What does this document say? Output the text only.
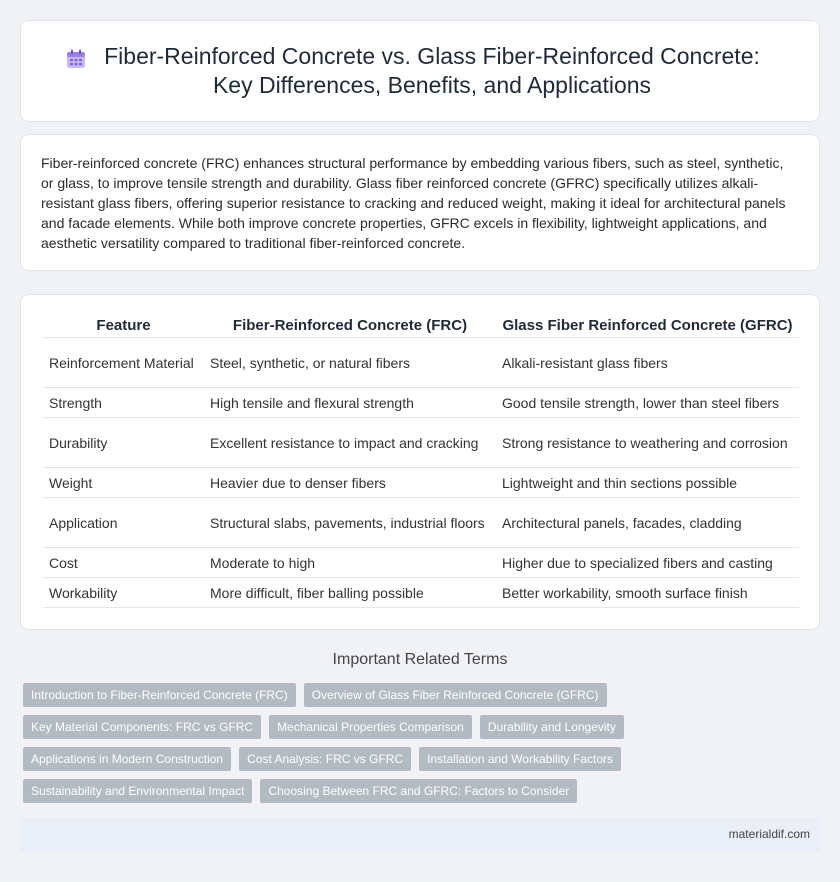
Fiber-Reinforced Concrete vs. Glass Fiber-Reinforced Concrete: Key Differences, Benefits, and Applications

Fiber-reinforced concrete (FRC) enhances structural performance by embedding various fibers, such as steel, synthetic, or glass, to improve tensile strength and durability. Glass fiber reinforced concrete (GFRC) specifically utilizes alkali-resistant glass fibers, offering superior resistance to cracking and reduced weight, making it ideal for architectural panels and facade elements. While both improve concrete properties, GFRC excels in flexibility, lightweight applications, and aesthetic versatility compared to traditional fiber-reinforced concrete.

Feature	Fiber-Reinforced Concrete (FRC)	Glass Fiber Reinforced Concrete (GFRC)
Reinforcement Material	Steel, synthetic, or natural fibers	Alkali-resistant glass fibers
Strength	High tensile and flexural strength	Good tensile strength, lower than steel fibers
Durability	Excellent resistance to impact and cracking	Strong resistance to weathering and corrosion
Weight	Heavier due to denser fibers	Lightweight and thin sections possible
Application	Structural slabs, pavements, industrial floors	Architectural panels, facades, cladding
Cost	Moderate to high	Higher due to specialized fibers and casting
Workability	More difficult, fiber balling possible	Better workability, smooth surface finish
Important Related Terms
Introduction to Fiber-Reinforced Concrete (FRC)	Overview of Glass Fiber Reinforced Concrete (GFRC)
Key Material Components: FRC vs GFRC	Mechanical Properties Comparison	Durability and Longevity
Applications in Modern Construction	Cost Analysis: FRC vs GFRC	Installation and Workability Factors
Sustainability and Environmental Impact	Choosing Between FRC and GFRC: Factors to Consider
materialdif.com
